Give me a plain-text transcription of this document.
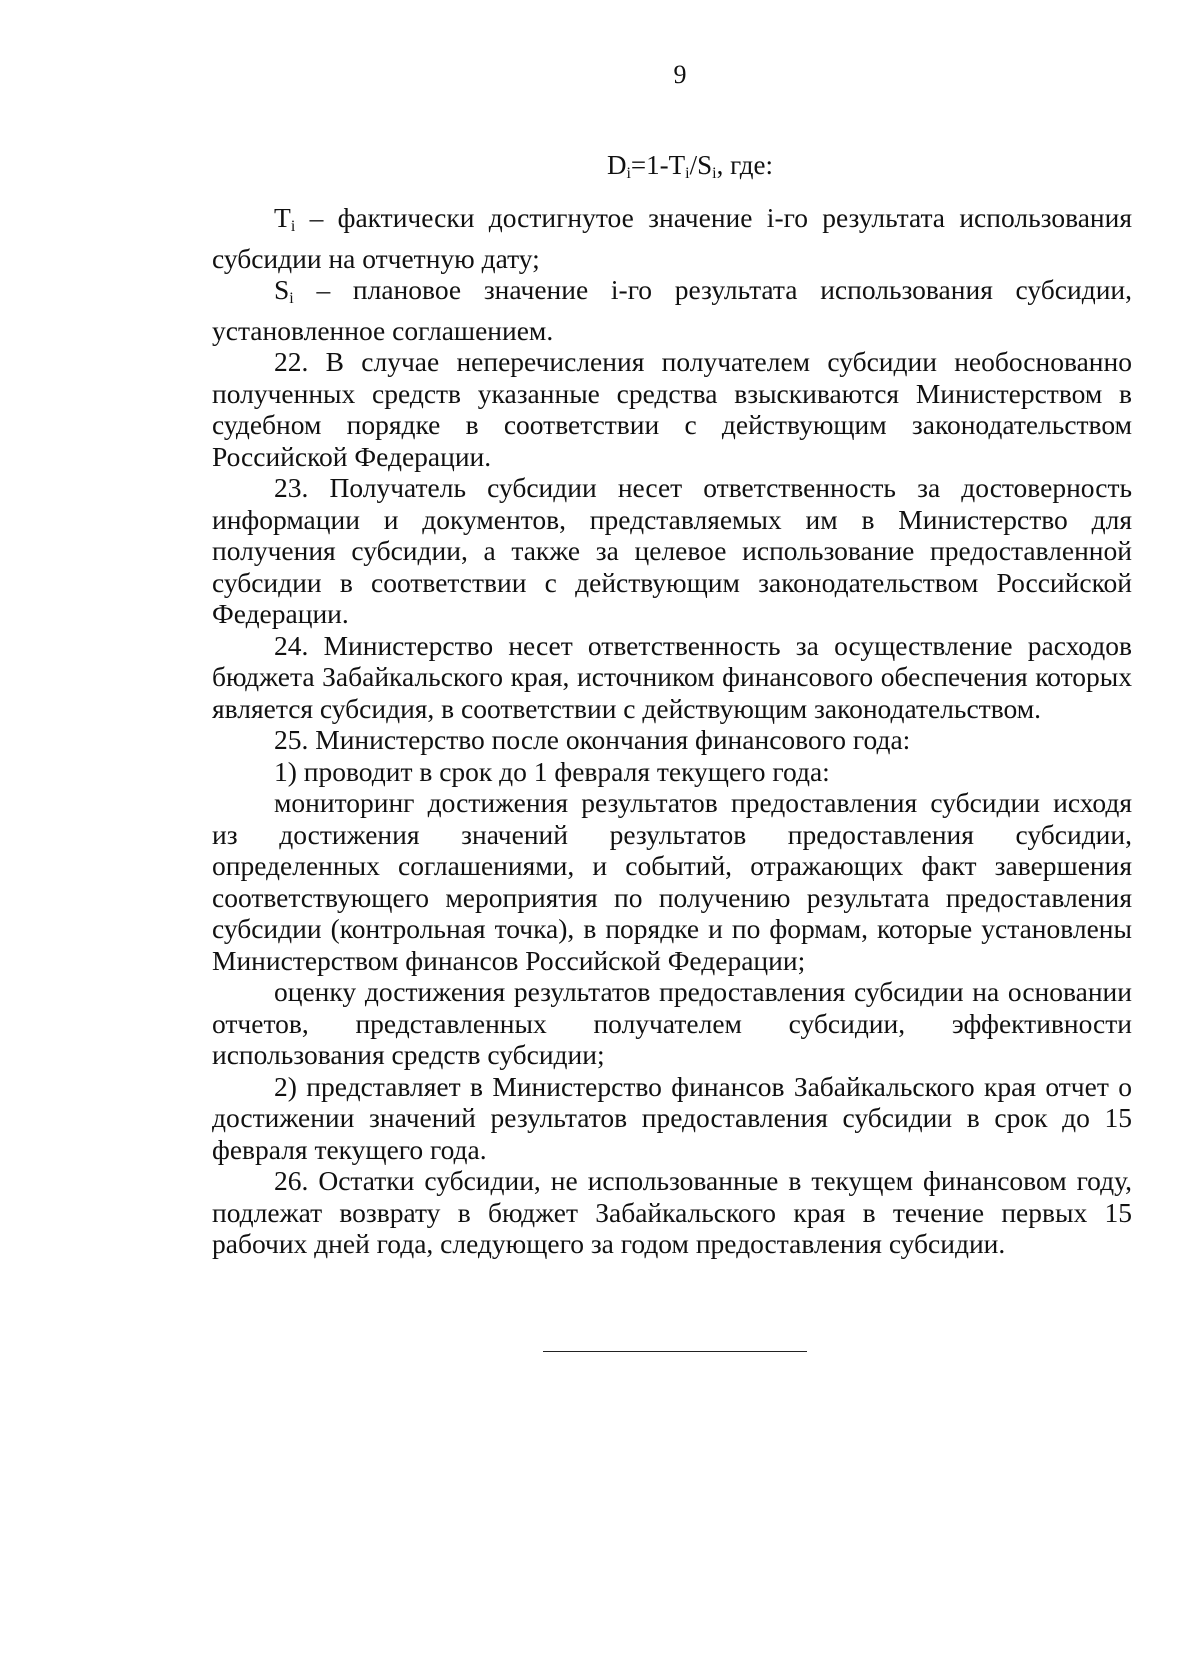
9
$D_i=1-T_i/S_i$, где:

$T_i$ – фактически достигнутое значение i-го результата использования субсидии на отчетную дату;

$S_i$ – плановое значение i-го результата использования субсидии, установленное соглашением.

22. В случае неперечисления получателем субсидии необоснованно полученных средств указанные средства взыскиваются Министерством в судебном порядке в соответствии с действующим законодательством Российской Федерации.

23. Получатель субсидии несет ответственность за достоверность информации и документов, представляемых им в Министерство для получения субсидии, а также за целевое использование предоставленной субсидии в соответствии с действующим законодательством Российской Федерации.

24. Министерство несет ответственность за осуществление расходов бюджета Забайкальского края, источником финансового обеспечения которых является субсидия, в соответствии с действующим законодательством.

25. Министерство после окончания финансового года:

1) проводит в срок до 1 февраля текущего года:

мониторинг достижения результатов предоставления субсидии исходя из достижения значений результатов предоставления субсидии, определенных соглашениями, и событий, отражающих факт завершения соответствующего мероприятия по получению результата предоставления субсидии (контрольная точка), в порядке и по формам, которые установлены Министерством финансов Российской Федерации;

оценку достижения результатов предоставления субсидии на основании отчетов, представленных получателем субсидии, эффективности использования средств субсидии;

2) представляет в Министерство финансов Забайкальского края отчет о достижении значений результатов предоставления субсидии в срок до 15 февраля текущего года.

26. Остатки субсидии, не использованные в текущем финансовом году, подлежат возврату в бюджет Забайкальского края в течение первых 15 рабочих дней года, следующего за годом предоставления субсидии.
